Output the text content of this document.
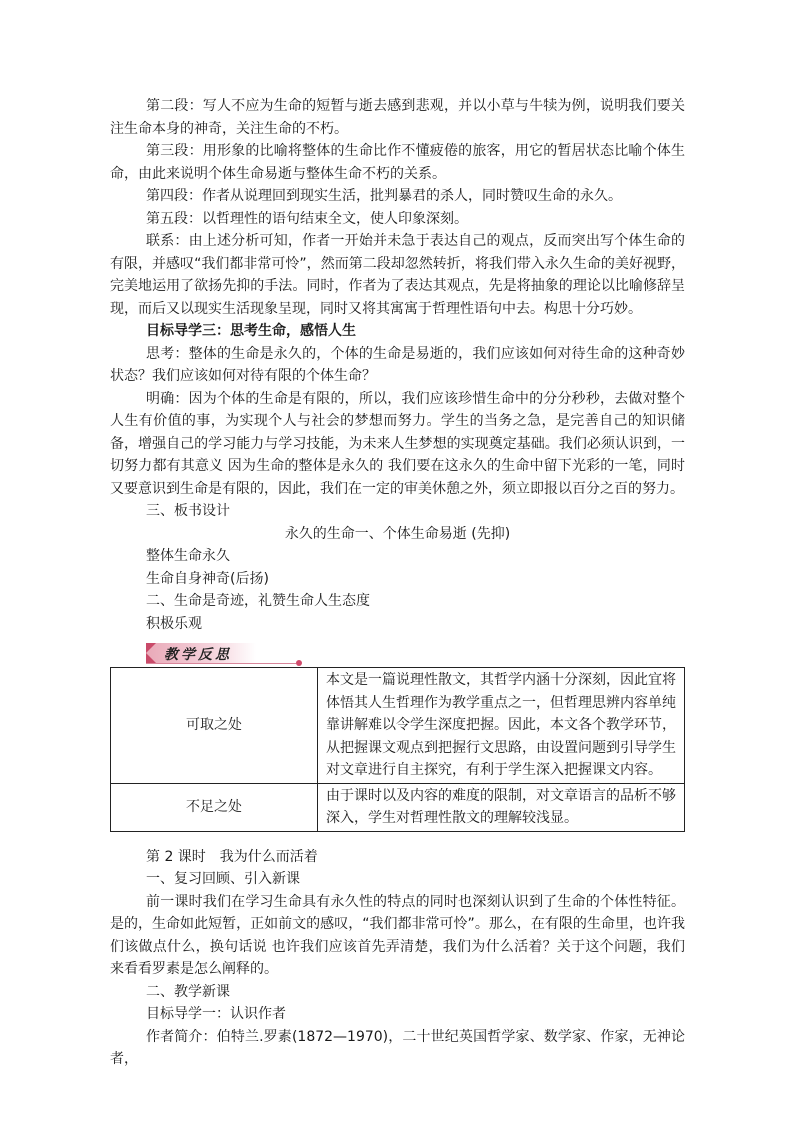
第二段：写人不应为生命的短暂与逝去感到悲观，并以小草与牛犊为例，说明我们要关注生命本身的神奇，关注生命的不朽。

第三段：用形象的比喻将整体的生命比作不懂疲倦的旅客，用它的暂居状态比喻个体生命，由此来说明个体生命易逝与整体生命不朽的关系。

第四段：作者从说理回到现实生活，批判暴君的杀人，同时赞叹生命的永久。

第五段：以哲理性的语句结束全文，使人印象深刻。

联系：由上述分析可知，作者一开始并未急于表达自己的观点，反而突出写个体生命的有限，并感叹“我们都非常可怜”，然而第二段却忽然转折，将我们带入永久生命的美好视野，完美地运用了欲扬先抑的手法。同时，作者为了表达其观点，先是将抽象的理论以比喻修辞呈现，而后又以现实生活现象呈现，同时又将其寓寓于哲理性语句中去。构思十分巧妙。

目标导学三：思考生命，感悟人生

思考：整体的生命是永久的，个体的生命是易逝的，我们应该如何对待生命的这种奇妙状态？我们应该如何对待有限的个体生命？

明确：因为个体的生命是有限的，所以，我们应该珍惜生命中的分分秒秒，去做对整个人生有价值的事，为实现个人与社会的梦想而努力。学生的当务之急，是完善自己的知识储备，增强自己的学习能力与学习技能，为未来人生梦想的实现奠定基础。我们必须认识到，一切努力都有其意义 因为生命的整体是永久的 我们要在这永久的生命中留下光彩的一笔，同时又要意识到生命是有限的，因此，我们在一定的审美休憩之外，须立即报以百分之百的努力。

三、板书设计

永久的生命一、个体生命易逝 (先抑)

整体生命永久

生命自身神奇(后扬)

二、生命是奇迹，礼赞生命人生态度

积极乐观

教学反思
可取之处	本文是一篇说理性散文，其哲学内涵十分深刻，因此宜将体悟其人生哲理作为教学重点之一，但哲理思辨内容单纯靠讲解难以令学生深度把握。因此，本文各个教学环节，从把握课文观点到把握行文思路，由设置问题到引导学生对文章进行自主探究，有利于学生深入把握课文内容。
不足之处	由于课时以及内容的难度的限制，对文章语言的品析不够深入，学生对哲理性散文的理解较浅显。

第 2 课时　我为什么而活着

一、复习回顾、引入新课

前一课时我们在学习生命具有永久性的特点的同时也深刻认识到了生命的个体性特征。是的，生命如此短暂，正如前文的感叹，“我们都非常可怜”。那么，在有限的生命里，也许我们该做点什么，换句话说 也许我们应该首先弄清楚，我们为什么活着？关于这个问题，我们来看看罗素是怎么阐释的。

二、教学新课

目标导学一：认识作者

作者简介：伯特兰.罗素(1872—1970)，二十世纪英国哲学家、数学家、作家，无神论者，
